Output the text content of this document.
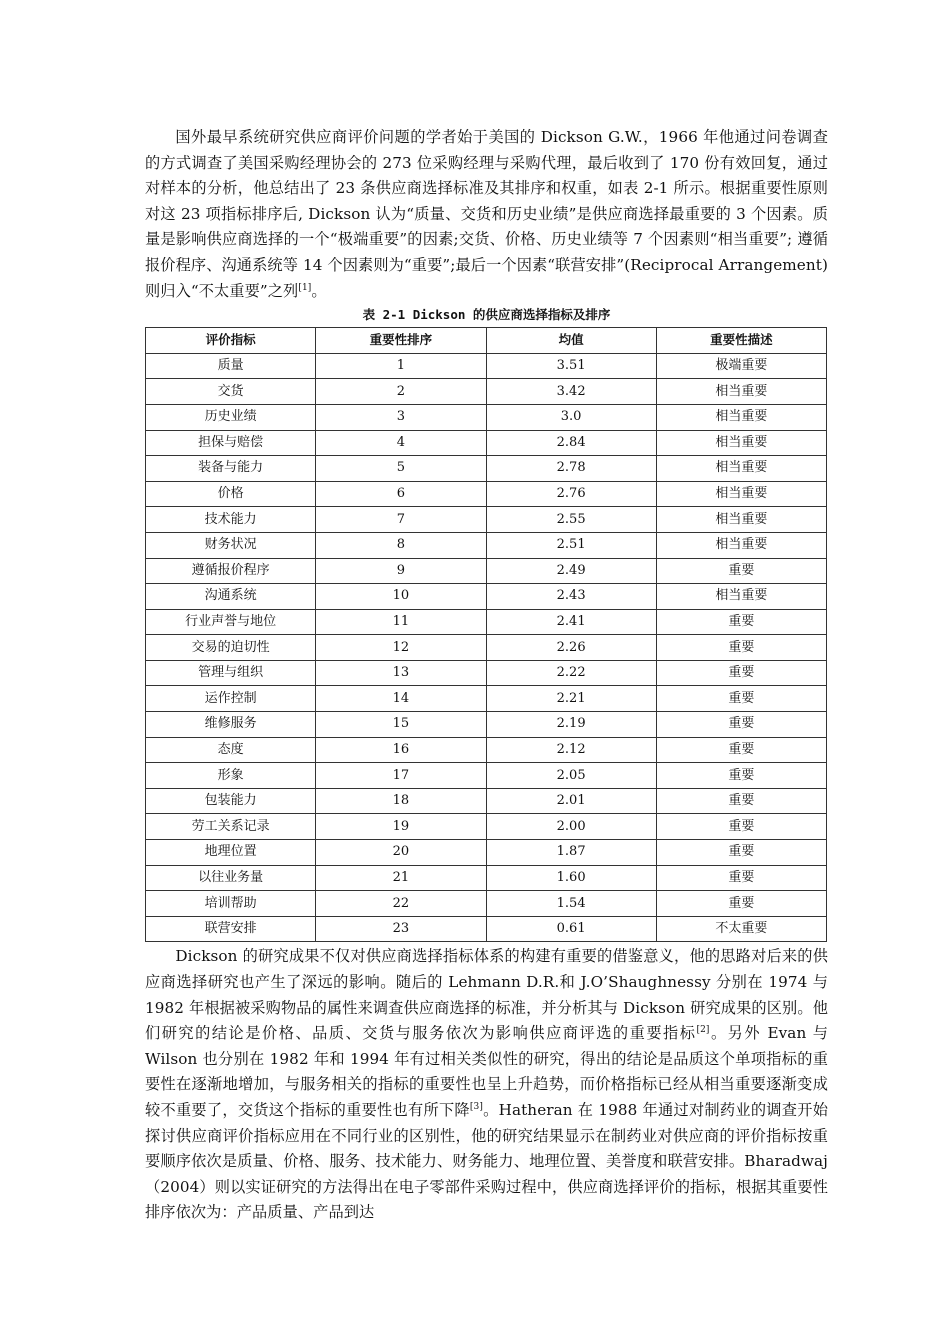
国外最早系统研究供应商评价问题的学者始于美国的 Dickson G.W.，1966 年他通过问卷调查的方式调查了美国采购经理协会的 273 位采购经理与采购代理，最后收到了 170 份有效回复，通过对样本的分析，他总结出了 23 条供应商选择标准及其排序和权重，如表 2-1 所示。根据重要性原则对这 23 项指标排序后, Dickson 认为“质量、交货和历史业绩”是供应商选择最重要的 3 个因素。质量是影响供应商选择的一个“极端重要”的因素;交货、价格、历史业绩等 7 个因素则“相当重要”; 遵循报价程序、沟通系统等 14 个因素则为“重要”;最后一个因素“联营安排”(Reciprocal Arrangement)则归入“不太重要”之列[1]。

表 2-1 Dickson 的供应商选择指标及排序
评价指标	重要性排序	均值	重要性描述
质量	1	3.51	极端重要
交货	2	3.42	相当重要
历史业绩	3	3.0	相当重要
担保与赔偿	4	2.84	相当重要
装备与能力	5	2.78	相当重要
价格	6	2.76	相当重要
技术能力	7	2.55	相当重要
财务状况	8	2.51	相当重要
遵循报价程序	9	2.49	重要
沟通系统	10	2.43	相当重要
行业声誉与地位	11	2.41	重要
交易的迫切性	12	2.26	重要
管理与组织	13	2.22	重要
运作控制	14	2.21	重要
维修服务	15	2.19	重要
态度	16	2.12	重要
形象	17	2.05	重要
包装能力	18	2.01	重要
劳工关系记录	19	2.00	重要
地理位置	20	1.87	重要
以往业务量	21	1.60	重要
培训帮助	22	1.54	重要
联营安排	23	0.61	不太重要

Dickson 的研究成果不仅对供应商选择指标体系的构建有重要的借鉴意义，他的思路对后来的供应商选择研究也产生了深远的影响。随后的 Lehmann D.R.和 J.O’Shaughnessy 分别在 1974 与 1982 年根据被采购物品的属性来调查供应商选择的标准，并分析其与 Dickson 研究成果的区别。他们研究的结论是价格、品质、交货与服务依次为影响供应商评选的重要指标[2]。另外 Evan 与 Wilson 也分别在 1982 年和 1994 年有过相关类似性的研究，得出的结论是品质这个单项指标的重要性在逐渐地增加，与服务相关的指标的重要性也呈上升趋势，而价格指标已经从相当重要逐渐变成较不重要了，交货这个指标的重要性也有所下降[3]。Hatheran 在 1988 年通过对制药业的调查开始探讨供应商评价指标应用在不同行业的区别性，他的研究结果显示在制药业对供应商的评价指标按重要顺序依次是质量、价格、服务、技术能力、财务能力、地理位置、美誉度和联营安排。Bharadwaj（2004）则以实证研究的方法得出在电子零部件采购过程中，供应商选择评价的指标，根据其重要性排序依次为：产品质量、产品到达
